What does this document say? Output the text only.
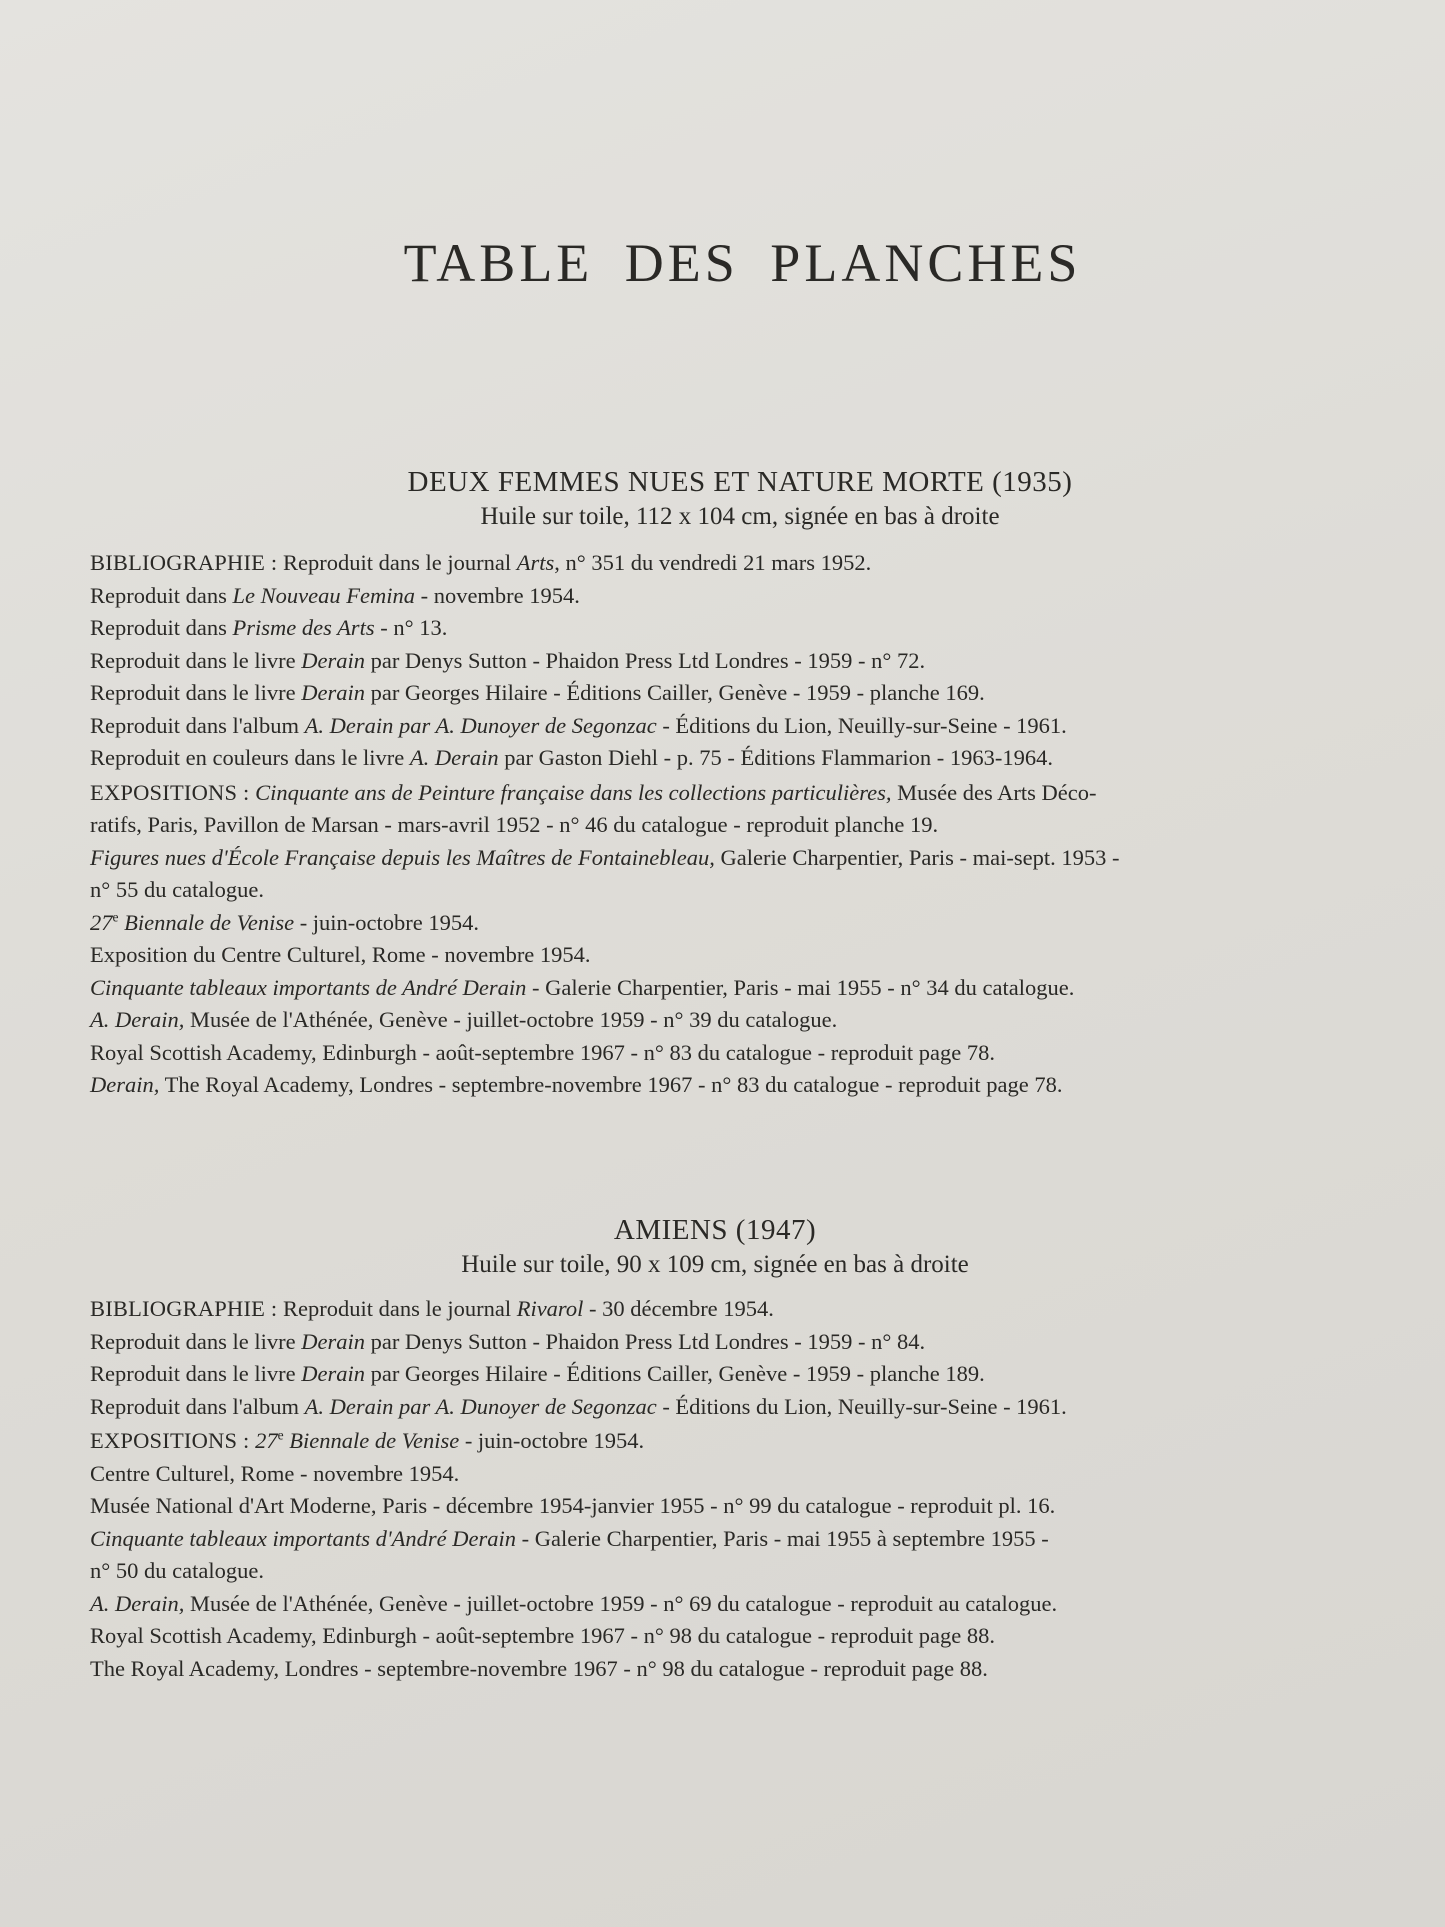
TABLE DES PLANCHES
DEUX FEMMES NUES ET NATURE MORTE (1935)
Huile sur toile, 112 x 104 cm, signée en bas à droite
BIBLIOGRAPHIE : Reproduit dans le journal Arts, n° 351 du vendredi 21 mars 1952.
Reproduit dans Le Nouveau Femina - novembre 1954.
Reproduit dans Prisme des Arts - n° 13.
Reproduit dans le livre Derain par Denys Sutton - Phaidon Press Ltd Londres - 1959 - n° 72.
Reproduit dans le livre Derain par Georges Hilaire - Éditions Cailler, Genève - 1959 - planche 169.
Reproduit dans l'album A. Derain par A. Dunoyer de Segonzac - Éditions du Lion, Neuilly-sur-Seine - 1961.
Reproduit en couleurs dans le livre A. Derain par Gaston Diehl - p. 75 - Éditions Flammarion - 1963-1964.
EXPOSITIONS : Cinquante ans de Peinture française dans les collections particulières, Musée des Arts Déco-
ratifs, Paris, Pavillon de Marsan - mars-avril 1952 - n° 46 du catalogue - reproduit planche 19.
Figures nues d'École Française depuis les Maîtres de Fontainebleau, Galerie Charpentier, Paris - mai-sept. 1953 -
n° 55 du catalogue.
27e Biennale de Venise - juin-octobre 1954.
Exposition du Centre Culturel, Rome - novembre 1954.
Cinquante tableaux importants de André Derain - Galerie Charpentier, Paris - mai 1955 - n° 34 du catalogue.
A. Derain, Musée de l'Athénée, Genève - juillet-octobre 1959 - n° 39 du catalogue.
Royal Scottish Academy, Edinburgh - août-septembre 1967 - n° 83 du catalogue - reproduit page 78.
Derain, The Royal Academy, Londres - septembre-novembre 1967 - n° 83 du catalogue - reproduit page 78.
AMIENS (1947)
Huile sur toile, 90 x 109 cm, signée en bas à droite
BIBLIOGRAPHIE : Reproduit dans le journal Rivarol - 30 décembre 1954.
Reproduit dans le livre Derain par Denys Sutton - Phaidon Press Ltd Londres - 1959 - n° 84.
Reproduit dans le livre Derain par Georges Hilaire - Éditions Cailler, Genève - 1959 - planche 189.
Reproduit dans l'album A. Derain par A. Dunoyer de Segonzac - Éditions du Lion, Neuilly-sur-Seine - 1961.
EXPOSITIONS : 27e Biennale de Venise - juin-octobre 1954.
Centre Culturel, Rome - novembre 1954.
Musée National d'Art Moderne, Paris - décembre 1954-janvier 1955 - n° 99 du catalogue - reproduit pl. 16.
Cinquante tableaux importants d'André Derain - Galerie Charpentier, Paris - mai 1955 à septembre 1955 -
n° 50 du catalogue.
A. Derain, Musée de l'Athénée, Genève - juillet-octobre 1959 - n° 69 du catalogue - reproduit au catalogue.
Royal Scottish Academy, Edinburgh - août-septembre 1967 - n° 98 du catalogue - reproduit page 88.
The Royal Academy, Londres - septembre-novembre 1967 - n° 98 du catalogue - reproduit page 88.
